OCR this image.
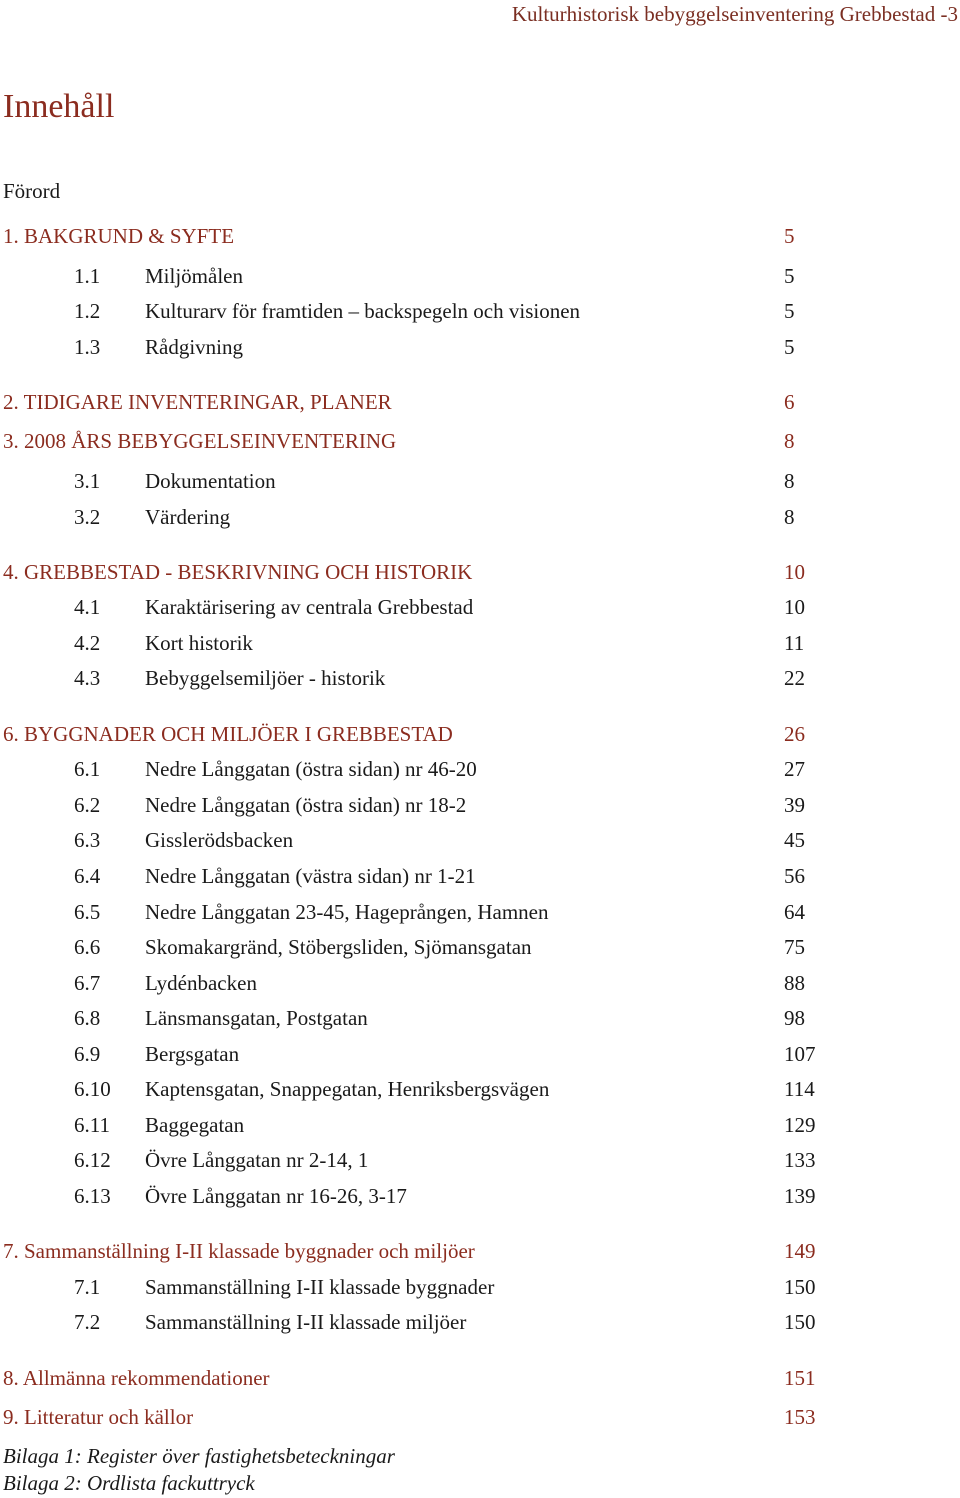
Kulturhistorisk bebyggelseinventering Grebbestad -3
Innehåll
Förord
1. BAKGRUND & SYFTE	5
1.1 Miljömålen	5
1.2 Kulturarv för framtiden – backspegeln och visionen	5
1.3 Rådgivning	5
2. TIDIGARE INVENTERINGAR, PLANER	6
3. 2008 ÅRS BEBYGGELSEINVENTERING	8
3.1 Dokumentation	8
3.2 Värdering	8
4. GREBBESTAD - BESKRIVNING OCH HISTORIK	10
4.1 Karaktärisering av centrala Grebbestad	10
4.2 Kort historik	11
4.3 Bebyggelsemiljöer - historik	22
6. BYGGNADER OCH MILJÖER I GREBBESTAD	26
6.1 Nedre Långgatan (östra sidan) nr 46-20	27
6.2 Nedre Långgatan (östra sidan) nr 18-2	39
6.3 Gisslerödsbacken	45
6.4 Nedre Långgatan (västra sidan) nr 1-21	56
6.5 Nedre Långgatan 23-45, Hageprången, Hamnen	64
6.6 Skomakargränd, Stöbergsliden, Sjömansgatan	75
6.7 Lydénbacken	88
6.8 Länsmansgatan, Postgatan	98
6.9 Bergsgatan	107
6.10 Kaptensgatan, Snappegatan, Henriksbergsvägen	114
6.11 Baggegatan	129
6.12 Övre Långgatan nr 2-14, 1	133
6.13 Övre Långgatan nr 16-26, 3-17	139
7. Sammanställning I-II klassade byggnader och miljöer	149
7.1 Sammanställning I-II klassade byggnader	150
7.2 Sammanställning I-II klassade miljöer	150
8. Allmänna rekommendationer	151
9. Litteratur och källor	153
Bilaga 1: Register över fastighetsbeteckningar
Bilaga 2: Ordlista fackuttryck
